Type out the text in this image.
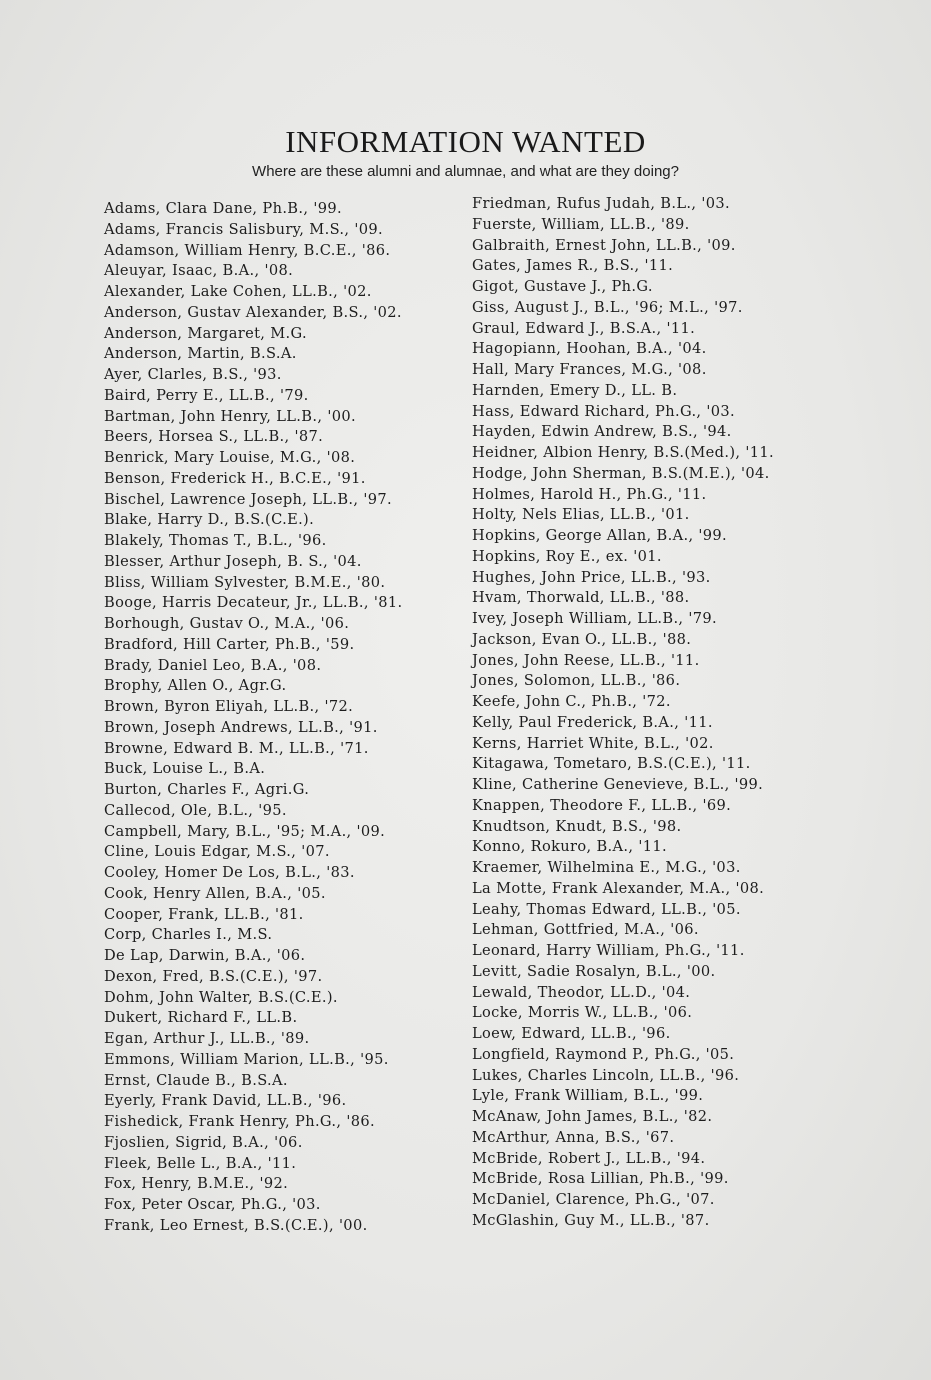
INFORMATION WANTED
Where are these alumni and alumnae, and what are they doing?
Adams, Clara Dane, Ph.B., '99.
Adams, Francis Salisbury, M.S., '09.
Adamson, William Henry, B.C.E., '86.
Aleuyar, Isaac, B.A., '08.
Alexander, Lake Cohen, LL.B., '02.
Anderson, Gustav Alexander, B.S., '02.
Anderson, Margaret, M.G.
Anderson, Martin, B.S.A.
Ayer, Clarles, B.S., '93.
Baird, Perry E., LL.B., '79.
Bartman, John Henry, LL.B., '00.
Beers, Horsea S., LL.B., '87.
Benrick, Mary Louise, M.G., '08.
Benson, Frederick H., B.C.E., '91.
Bischel, Lawrence Joseph, LL.B., '97.
Blake, Harry D., B.S.(C.E.).
Blakely, Thomas T., B.L., '96.
Blesser, Arthur Joseph, B. S., '04.
Bliss, William Sylvester, B.M.E., '80.
Booge, Harris Decateur, Jr., LL.B., '81.
Borhough, Gustav O., M.A., '06.
Bradford, Hill Carter, Ph.B., '59.
Brady, Daniel Leo, B.A., '08.
Brophy, Allen O., Agr.G.
Brown, Byron Eliyah, LL.B., '72.
Brown, Joseph Andrews, LL.B., '91.
Browne, Edward B. M., LL.B., '71.
Buck, Louise L., B.A.
Burton, Charles F., Agri.G.
Callecod, Ole, B.L., '95.
Campbell, Mary, B.L., '95; M.A., '09.
Cline, Louis Edgar, M.S., '07.
Cooley, Homer De Los, B.L., '83.
Cook, Henry Allen, B.A., '05.
Cooper, Frank, LL.B., '81.
Corp, Charles I., M.S.
De Lap, Darwin, B.A., '06.
Dexon, Fred, B.S.(C.E.), '97.
Dohm, John Walter, B.S.(C.E.).
Dukert, Richard F., LL.B.
Egan, Arthur J., LL.B., '89.
Emmons, William Marion, LL.B., '95.
Ernst, Claude B., B.S.A.
Eyerly, Frank David, LL.B., '96.
Fishedick, Frank Henry, Ph.G., '86.
Fjoslien, Sigrid, B.A., '06.
Fleek, Belle L., B.A., '11.
Fox, Henry, B.M.E., '92.
Fox, Peter Oscar, Ph.G., '03.
Frank, Leo Ernest, B.S.(C.E.), '00.
Friedman, Rufus Judah, B.L., '03.
Fuerste, William, LL.B., '89.
Galbraith, Ernest John, LL.B., '09.
Gates, James R., B.S., '11.
Gigot, Gustave J., Ph.G.
Giss, August J., B.L., '96; M.L., '97.
Graul, Edward J., B.S.A., '11.
Hagopiann, Hoohan, B.A., '04.
Hall, Mary Frances, M.G., '08.
Harnden, Emery D., LL. B.
Hass, Edward Richard, Ph.G., '03.
Hayden, Edwin Andrew, B.S., '94.
Heidner, Albion Henry, B.S.(Med.), '11.
Hodge, John Sherman, B.S.(M.E.), '04.
Holmes, Harold H., Ph.G., '11.
Holty, Nels Elias, LL.B., '01.
Hopkins, George Allan, B.A., '99.
Hopkins, Roy E., ex. '01.
Hughes, John Price, LL.B., '93.
Hvam, Thorwald, LL.B., '88.
Ivey, Joseph William, LL.B., '79.
Jackson, Evan O., LL.B., '88.
Jones, John Reese, LL.B., '11.
Jones, Solomon, LL.B., '86.
Keefe, John C., Ph.B., '72.
Kelly, Paul Frederick, B.A., '11.
Kerns, Harriet White, B.L., '02.
Kitagawa, Tometaro, B.S.(C.E.), '11.
Kline, Catherine Genevieve, B.L., '99.
Knappen, Theodore F., LL.B., '69.
Knudtson, Knudt, B.S., '98.
Konno, Rokuro, B.A., '11.
Kraemer, Wilhelmina E., M.G., '03.
La Motte, Frank Alexander, M.A., '08.
Leahy, Thomas Edward, LL.B., '05.
Lehman, Gottfried, M.A., '06.
Leonard, Harry William, Ph.G., '11.
Levitt, Sadie Rosalyn, B.L., '00.
Lewald, Theodor, LL.D., '04.
Locke, Morris W., LL.B., '06.
Loew, Edward, LL.B., '96.
Longfield, Raymond P., Ph.G., '05.
Lukes, Charles Lincoln, LL.B., '96.
Lyle, Frank William, B.L., '99.
McAnaw, John James, B.L., '82.
McArthur, Anna, B.S., '67.
McBride, Robert J., LL.B., '94.
McBride, Rosa Lillian, Ph.B., '99.
McDaniel, Clarence, Ph.G., '07.
McGlashin, Guy M., LL.B., '87.
